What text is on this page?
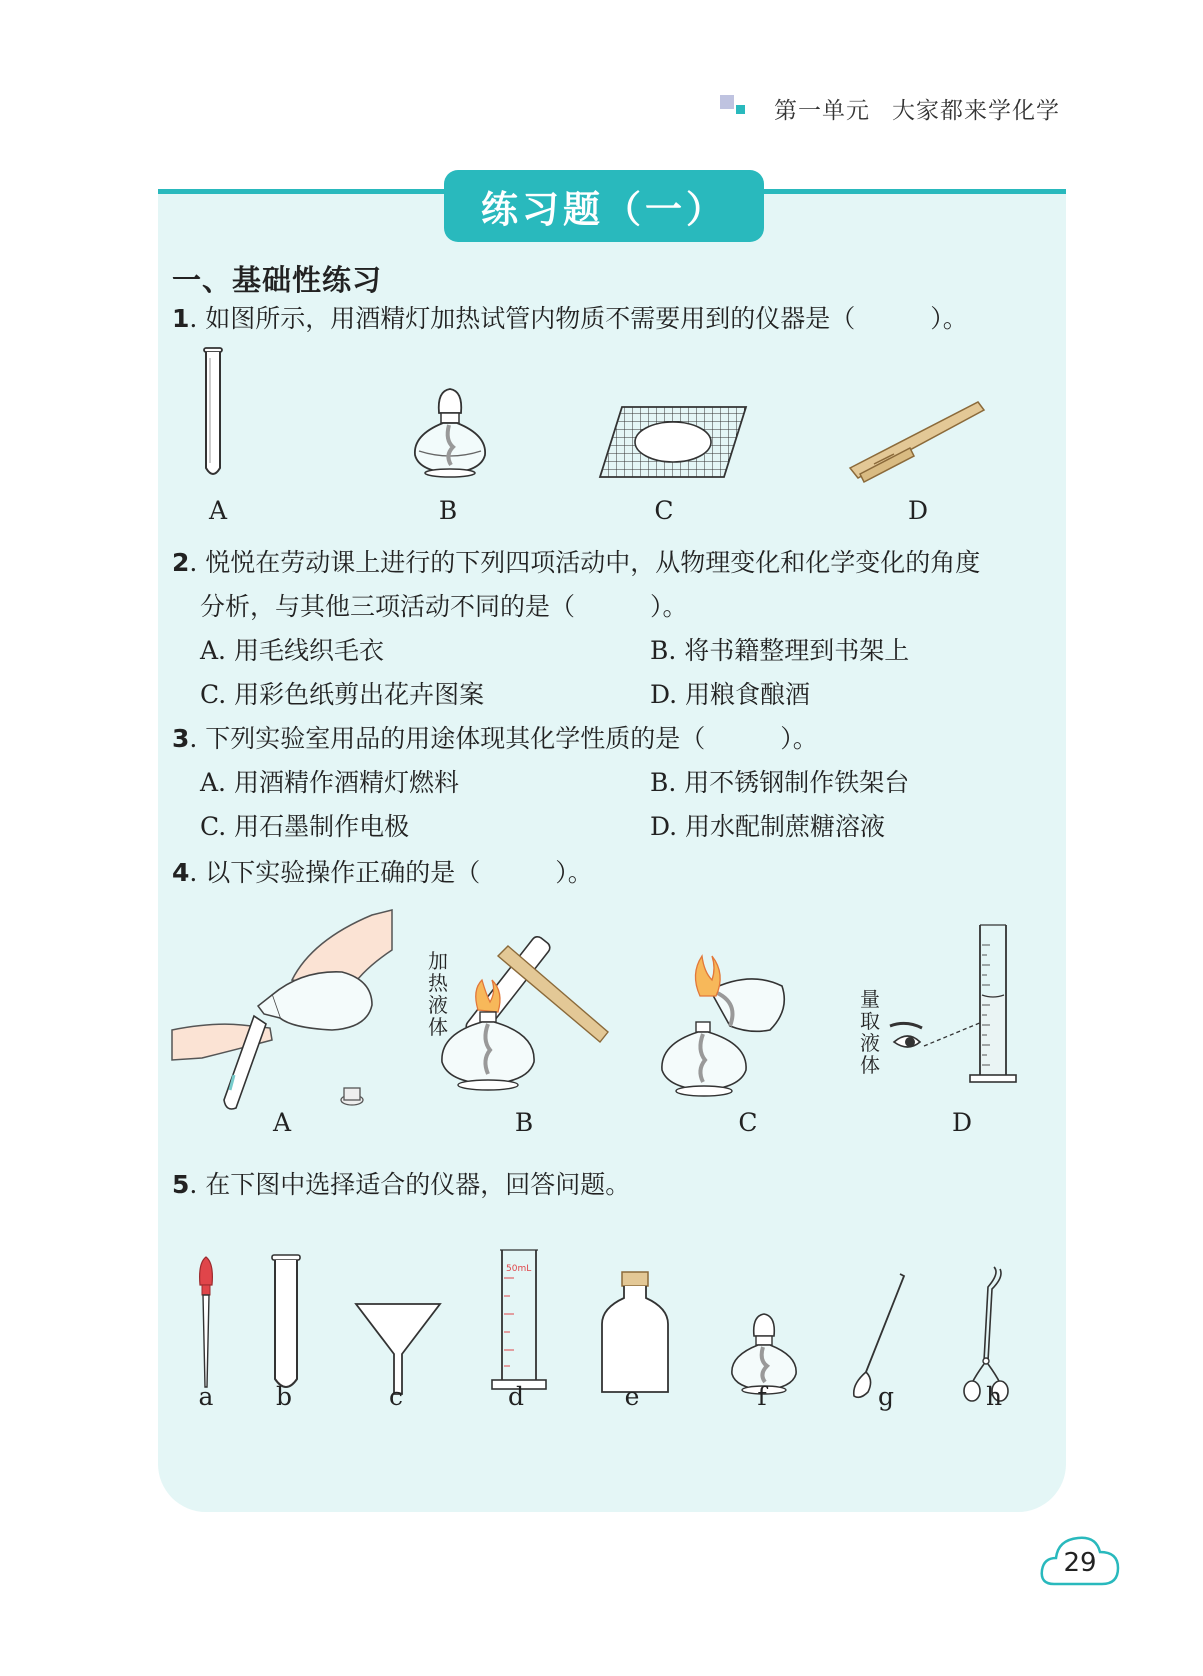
第一单元 大家都来学化学
练习题（一）
一、基础性练习
1. 如图所示，用酒精灯加热试管内物质不需要用到的仪器是（　　　）。
A	B	C	D
2. 悦悦在劳动课上进行的下列四项活动中，从物理变化和化学变化的角度
分析，与其他三项活动不同的是（　　　）。
A. 用毛线织毛衣	B. 将书籍整理到书架上
C. 用彩色纸剪出花卉图案	D. 用粮食酿酒
3. 下列实验室用品的用途体现其化学性质的是（　　　）。
A. 用酒精作酒精灯燃料	B. 用不锈钢制作铁架台
C. 用石墨制作电极	D. 用水配制蔗糖溶液
4. 以下实验操作正确的是（　　　）。
加热液体
量取液体
A	B	C	D
5. 在下图中选择适合的仪器，回答问题。
50mL
a	b	c	d	e	f	g	h
29
